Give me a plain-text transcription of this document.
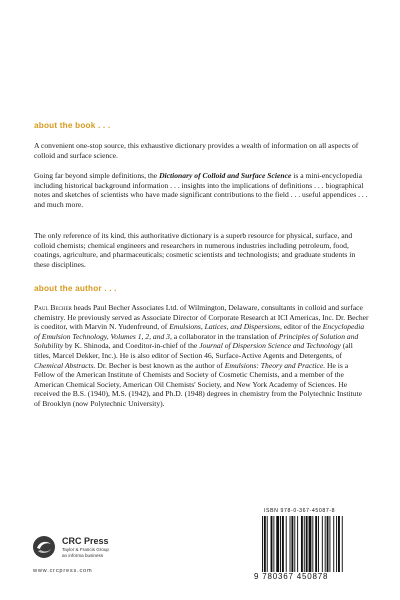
about the book . . .

A convenient one-stop source, this exhaustive dictionary provides a wealth of information on all aspects of colloid and surface science.

Going far beyond simple definitions, the Dictionary of Colloid and Surface Science is a mini-encyclopedia including historical background information . . . insights into the implications of definitions . . . biographical notes and sketches of scientists who have made significant contributions to the field . . . useful appendices . . . and much more.

The only reference of its kind, this authoritative dictionary is a superb resource for physical, surface, and colloid chemists; chemical engineers and researchers in numerous industries including petroleum, food, coatings, agriculture, and pharmaceuticals; cosmetic scientists and technologists; and graduate students in these disciplines.

about the author . . .

Paul Becher heads Paul Becher Associates Ltd. of Wilmington, Delaware, consultants in colloid and surface chemistry. He previously served as Associate Director of Corporate Research at ICI Americas, Inc. Dr. Becher is coeditor, with Marvin N. Yudenfreund, of Emulsions, Latices, and Dispersions, editor of the Encyclopedia of Emulsion Technology, Volumes 1, 2, and 3, a collaborator in the translation of Principles of Solution and Solubility by K. Shinoda, and Coeditor-in-chief of the Journal of Dispersion Science and Technology (all titles, Marcel Dekker, Inc.). He is also editor of Section 46, Surface-Active Agents and Detergents, of Chemical Abstracts. Dr. Becher is best known as the author of Emulsions: Theory and Practice. He is a Fellow of the American Institute of Chemists and Society of Cosmetic Chemists, and a member of the American Chemical Society, American Oil Chemists' Society, and New York Academy of Sciences. He received the B.S. (1940), M.S. (1942), and Ph.D. (1948) degrees in chemistry from the Polytechnic Institute of Brooklyn (now Polytechnic University).

CRC Press
Taylor & Francis Group
an informa business
www.crcpress.com
ISBN 978-0-367-45087-8
9 780367 450878
